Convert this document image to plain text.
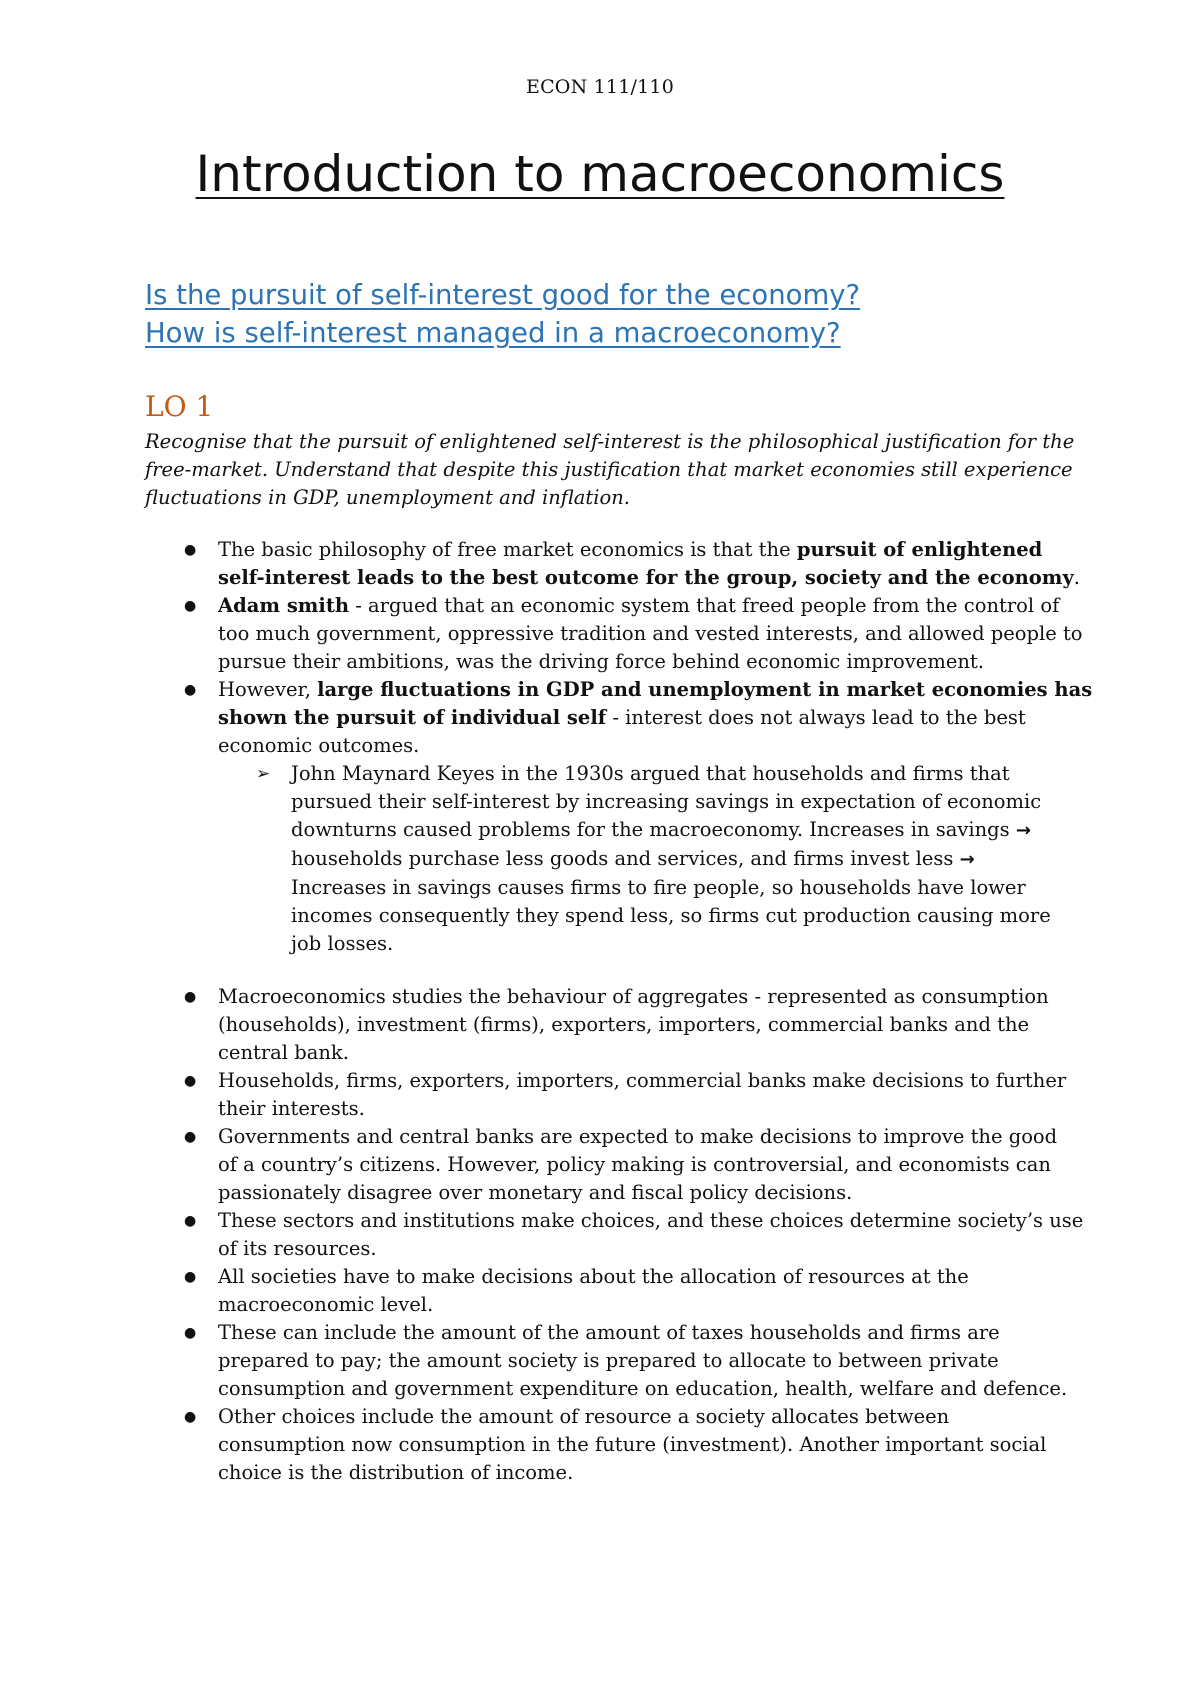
ECON 111/110
Introduction to macroeconomics
Is the pursuit of self-interest good for the economy?
How is self-interest managed in a macroeconomy?
LO 1
Recognise that the pursuit of enlightened self-interest is the philosophical justification for the
free-market. Understand that despite this justification that market economies still experience
fluctuations in GDP, unemployment and inflation.
● The basic philosophy of free market economics is that the pursuit of enlightened
self-interest leads to the best outcome for the group, society and the economy.
● Adam smith - argued that an economic system that freed people from the control of
too much government, oppressive tradition and vested interests, and allowed people to
pursue their ambitions, was the driving force behind economic improvement.
● However, large fluctuations in GDP and unemployment in market economies has
shown the pursuit of individual self - interest does not always lead to the best
economic outcomes.
➢ John Maynard Keyes in the 1930s argued that households and firms that
pursued their self-interest by increasing savings in expectation of economic
downturns caused problems for the macroeconomy. Increases in savings →
households purchase less goods and services, and firms invest less →
Increases in savings causes firms to fire people, so households have lower
incomes consequently they spend less, so firms cut production causing more
job losses.
● Macroeconomics studies the behaviour of aggregates - represented as consumption
(households), investment (firms), exporters, importers, commercial banks and the
central bank.
● Households, firms, exporters, importers, commercial banks make decisions to further
their interests.
● Governments and central banks are expected to make decisions to improve the good
of a country’s citizens. However, policy making is controversial, and economists can
passionately disagree over monetary and fiscal policy decisions.
● These sectors and institutions make choices, and these choices determine society’s use
of its resources.
● All societies have to make decisions about the allocation of resources at the
macroeconomic level.
● These can include the amount of the amount of taxes households and firms are
prepared to pay; the amount society is prepared to allocate to between private
consumption and government expenditure on education, health, welfare and defence.
● Other choices include the amount of resource a society allocates between
consumption now consumption in the future (investment). Another important social
choice is the distribution of income.
